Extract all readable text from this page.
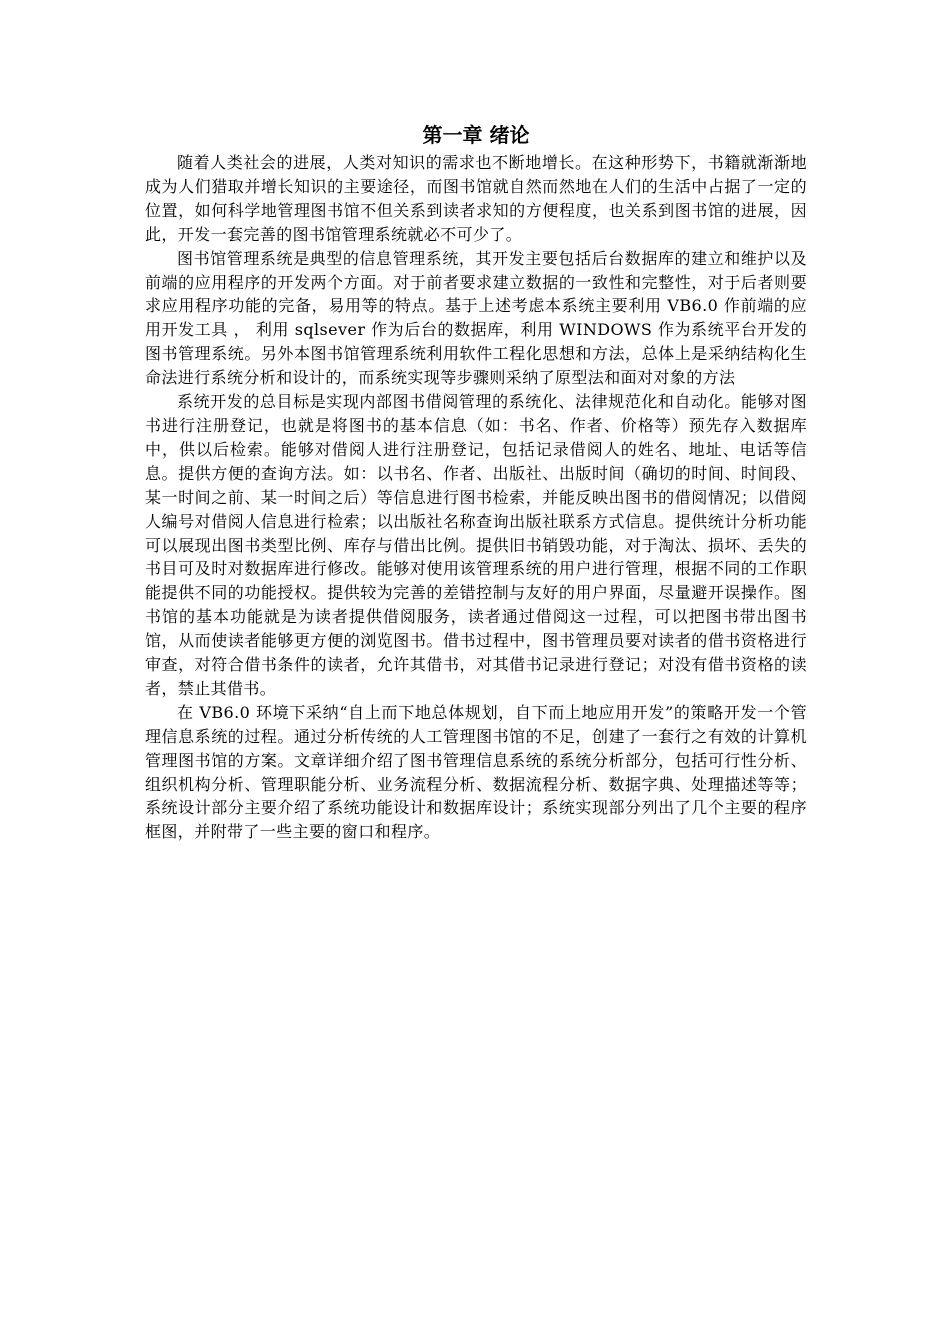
第一章 绪论

随着人类社会的进展，人类对知识的需求也不断地增长。在这种形势下，书籍就渐渐地成为人们猎取并增长知识的主要途径，而图书馆就自然而然地在人们的生活中占据了一定的位置，如何科学地管理图书馆不但关系到读者求知的方便程度，也关系到图书馆的进展，因此，开发一套完善的图书馆管理系统就必不可少了。

图书馆管理系统是典型的信息管理系统，其开发主要包括后台数据库的建立和维护以及前端的应用程序的开发两个方面。对于前者要求建立数据的一致性和完整性，对于后者则要求应用程序功能的完备，易用等的特点。基于上述考虑本系统主要利用 VB6.0 作前端的应用开发工具 ， 利用 sqlsever 作为后台的数据库，利用 WINDOWS 作为系统平台开发的图书管理系统。另外本图书馆管理系统利用软件工程化思想和方法，总体上是采纳结构化生命法进行系统分析和设计的，而系统实现等步骤则采纳了原型法和面对对象的方法

系统开发的总目标是实现内部图书借阅管理的系统化、法律规范化和自动化。能够对图书进行注册登记，也就是将图书的基本信息（如：书名、作者、价格等）预先存入数据库中，供以后检索。能够对借阅人进行注册登记，包括记录借阅人的姓名、地址、电话等信息。提供方便的查询方法。如：以书名、作者、出版社、出版时间（确切的时间、时间段、某一时间之前、某一时间之后）等信息进行图书检索，并能反映出图书的借阅情况；以借阅人编号对借阅人信息进行检索；以出版社名称查询出版社联系方式信息。提供统计分析功能可以展现出图书类型比例、库存与借出比例。提供旧书销毁功能，对于淘汰、损坏、丢失的书目可及时对数据库进行修改。能够对使用该管理系统的用户进行管理，根据不同的工作职能提供不同的功能授权。提供较为完善的差错控制与友好的用户界面，尽量避开误操作。图书馆的基本功能就是为读者提供借阅服务，读者通过借阅这一过程，可以把图书带出图书馆，从而使读者能够更方便的浏览图书。借书过程中，图书管理员要对读者的借书资格进行审查，对符合借书条件的读者，允许其借书，对其借书记录进行登记；对没有借书资格的读者，禁止其借书。

在 VB6.0 环境下采纳“自上而下地总体规划，自下而上地应用开发”的策略开发一个管理信息系统的过程。通过分析传统的人工管理图书馆的不足，创建了一套行之有效的计算机管理图书馆的方案。文章详细介绍了图书管理信息系统的系统分析部分，包括可行性分析、组织机构分析、管理职能分析、业务流程分析、数据流程分析、数据字典、处理描述等等；系统设计部分主要介绍了系统功能设计和数据库设计；系统实现部分列出了几个主要的程序框图，并附带了一些主要的窗口和程序。
